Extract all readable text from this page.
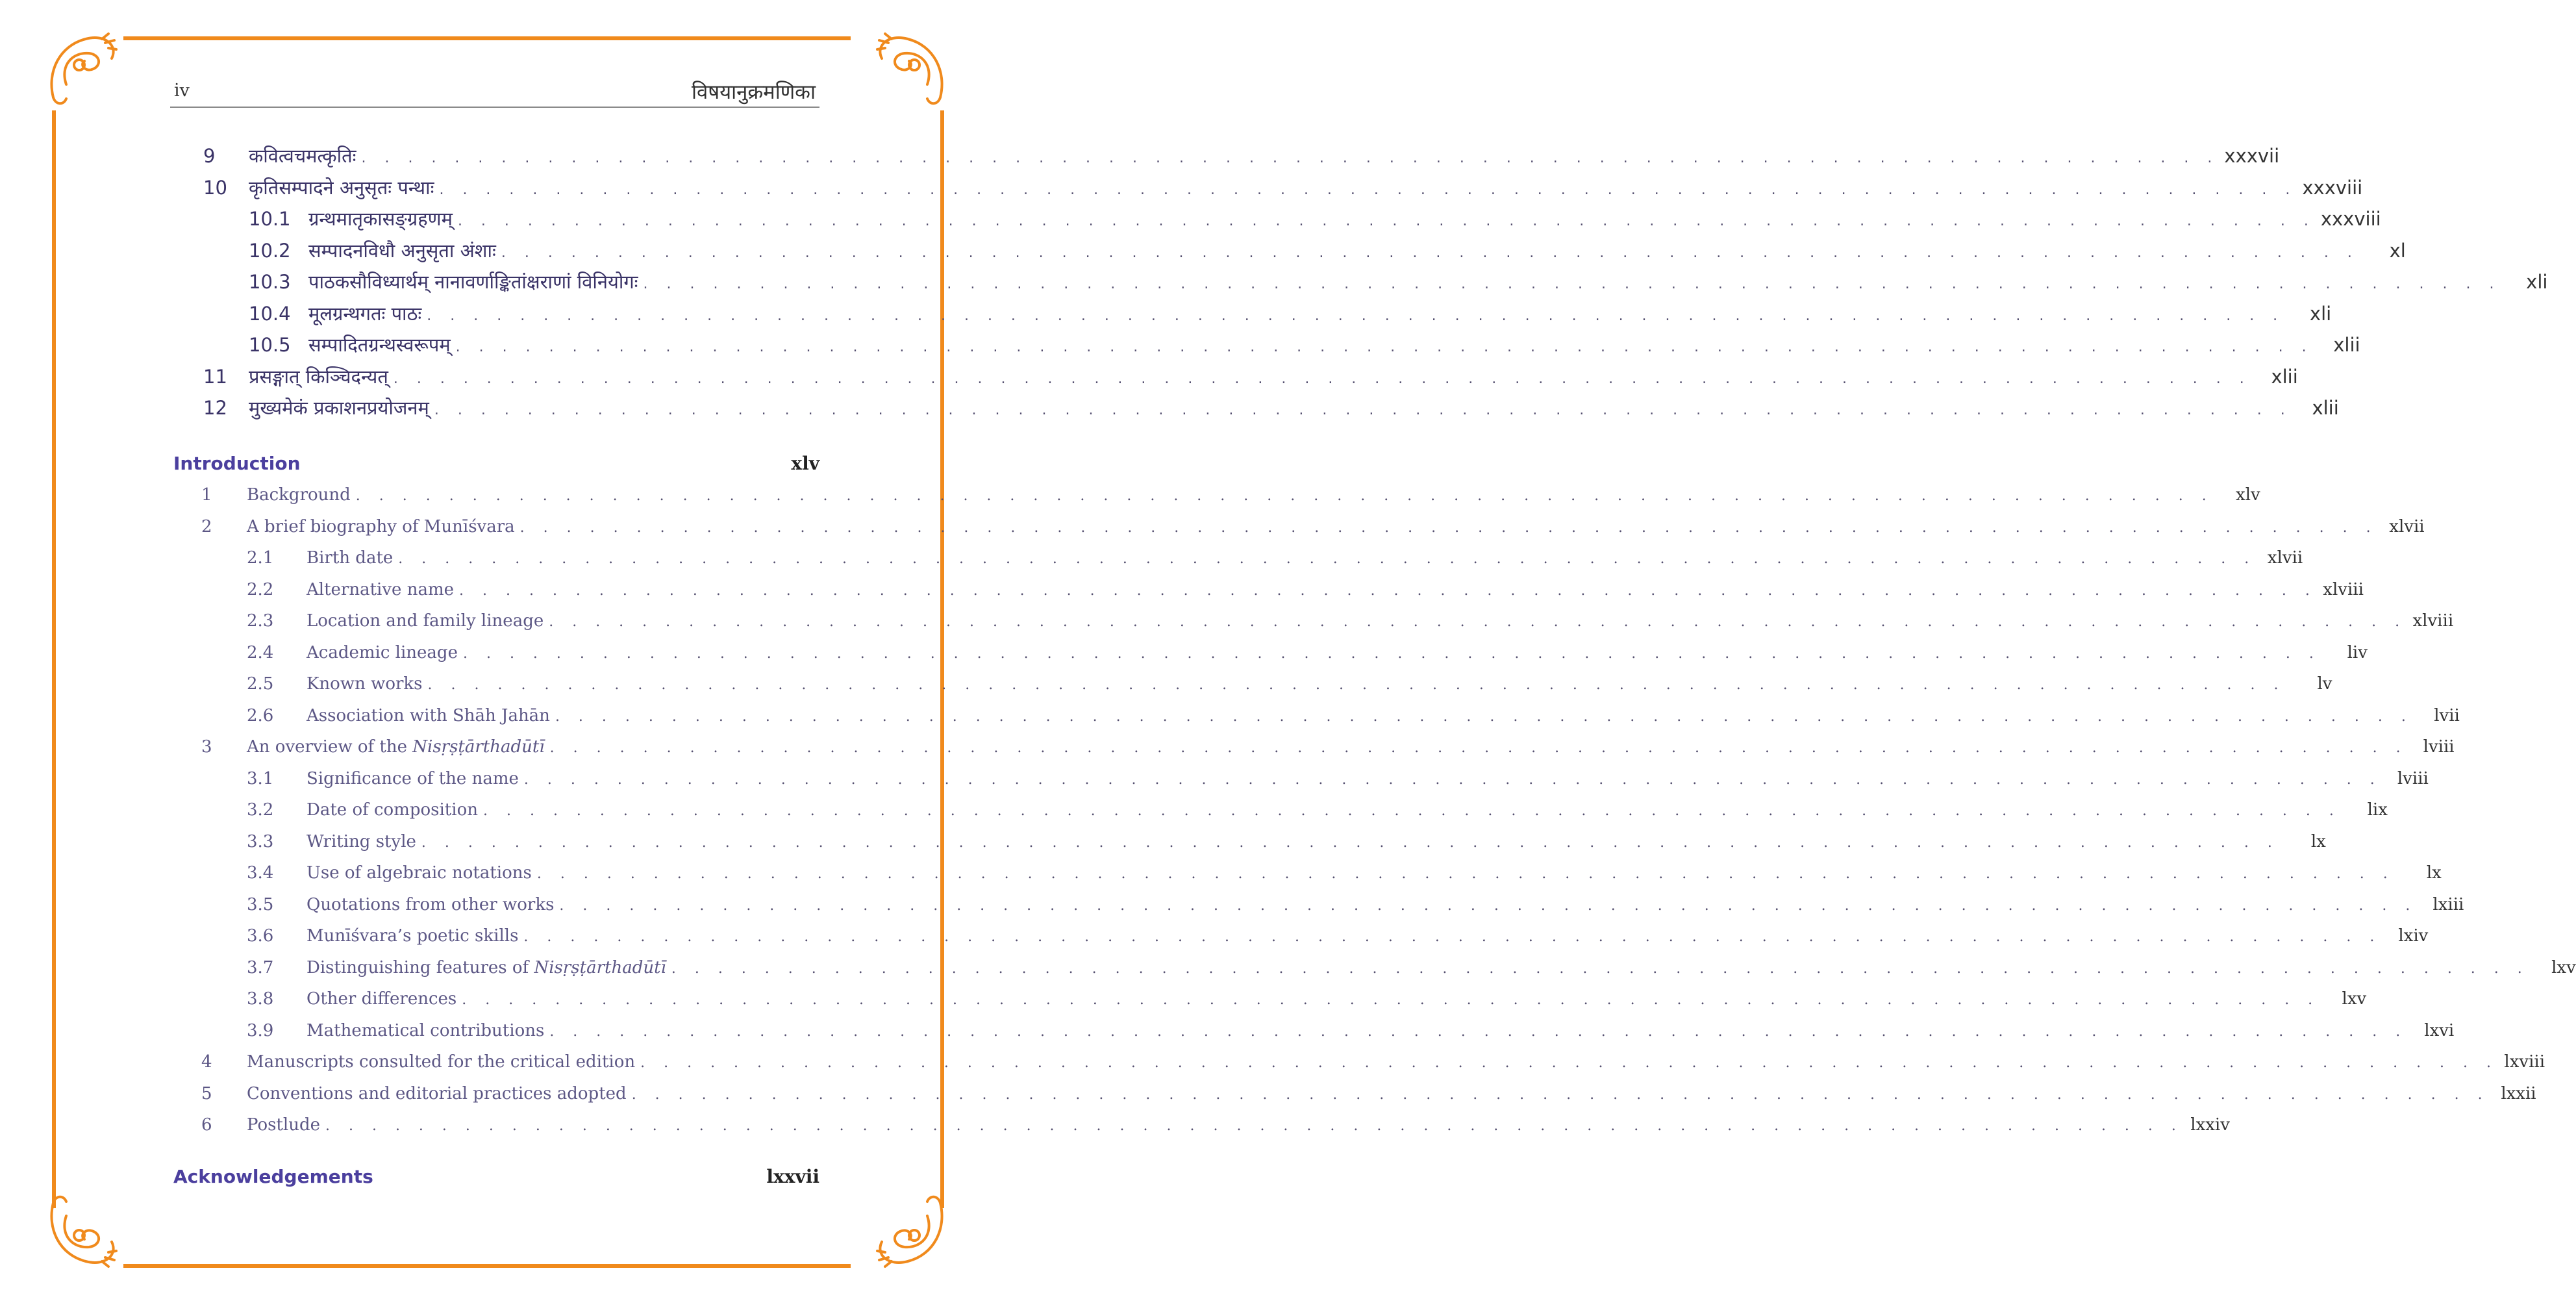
iv	विषयानुक्रमणिका
9	कवित्वचमत्कृतिः . . . . . . . . . . . . . . . . . . . . . . . . . . . . . . . . . . . . . . . . . . . . . . . . . . . . . . . . . . . . . . . . . . . . . . . . . . . . . . . . xxxvii
10	कृतिसम्पादने अनुसृतः पन्थाः . . . . . . . . . . . . . . . . . . . . . . . . . . . . . . . . . . . . . . . . . . . . . . . . . . . . . . . . . . . . . . . . . . . . . . . . . . . . . . . . xxxviii
10.1 ग्रन्थमातृकासङ्ग्रहणम् . . . . . . . . . . . . . . . . . . . . . . . . . . . . . . . . . . . . . . . . . . . . . . . . . . . . . . . . . . . . . . . . . . . . . . . . . . . . . . . . xxxviii
10.2 सम्पादनविधौ अनुसृता अंशाः . . . . . . . . . . . . . . . . . . . . . . . . . . . . . . . . . . . . . . . . . . . . . . . . . . . . . . . . . . . . . . . . . . . . . . . . . . . . . . . .	xl
10.3 पाठकसौविध्यार्थम् नानावर्णाङ्कितांक्षराणां विनियोगः . . . . . . . . . . . . . . . . . . . . . . . . . . . . . . . . . . . . . . . . . . . . . . . . . . . . . . . . . . . . . . . . . . . . . . . . . . . . . . . .	xli
10.4 मूलग्रन्थगतः पाठः . . . . . . . . . . . . . . . . . . . . . . . . . . . . . . . . . . . . . . . . . . . . . . . . . . . . . . . . . . . . . . . . . . . . . . . . . . . . . . . .	xli
10.5 सम्पादितग्रन्थस्वरूपम् . . . . . . . . . . . . . . . . . . . . . . . . . . . . . . . . . . . . . . . . . . . . . . . . . . . . . . . . . . . . . . . . . . . . . . . . . . . . . . . .	xlii
11	प्रसङ्गात् किञ्चिदन्यत् . . . . . . . . . . . . . . . . . . . . . . . . . . . . . . . . . . . . . . . . . . . . . . . . . . . . . . . . . . . . . . . . . . . . . . . . . . . . . . . .	xlii
12	मुख्यमेकं प्रकाशनप्रयोजनम् . . . . . . . . . . . . . . . . . . . . . . . . . . . . . . . . . . . . . . . . . . . . . . . . . . . . . . . . . . . . . . . . . . . . . . . . . . . . . . . .	xlii
Introduction	xlv
1	Background . . . . . . . . . . . . . . . . . . . . . . . . . . . . . . . . . . . . . . . . . . . . . . . . . . . . . . . . . . . . . . . . . . . . . . . . . . . . . . . .	xlv
2	A brief biography of Munīśvara . . . . . . . . . . . . . . . . . . . . . . . . . . . . . . . . . . . . . . . . . . . . . . . . . . . . . . . . . . . . . . . . . . . . . . . . . . . . . . . . xlvii
2.1	Birth date . . . . . . . . . . . . . . . . . . . . . . . . . . . . . . . . . . . . . . . . . . . . . . . . . . . . . . . . . . . . . . . . . . . . . . . . . . . . . . . . xlvii
2.2	Alternative name . . . . . . . . . . . . . . . . . . . . . . . . . . . . . . . . . . . . . . . . . . . . . . . . . . . . . . . . . . . . . . . . . . . . . . . . . . . . . . . . xlviii
2.3	Location and family lineage . . . . . . . . . . . . . . . . . . . . . . . . . . . . . . . . . . . . . . . . . . . . . . . . . . . . . . . . . . . . . . . . . . . . . . . . . . . . . . . . xlviii
2.4	Academic lineage . . . . . . . . . . . . . . . . . . . . . . . . . . . . . . . . . . . . . . . . . . . . . . . . . . . . . . . . . . . . . . . . . . . . . . . . . . . . . . . .	liv
2.5	Known works . . . . . . . . . . . . . . . . . . . . . . . . . . . . . . . . . . . . . . . . . . . . . . . . . . . . . . . . . . . . . . . . . . . . . . . . . . . . . . . .	lv
2.6	Association with Shāh Jahān . . . . . . . . . . . . . . . . . . . . . . . . . . . . . . . . . . . . . . . . . . . . . . . . . . . . . . . . . . . . . . . . . . . . . . . . . . . . . . . .	lvii
3	An overview of the Nisṛṣṭārthadūtī . . . . . . . . . . . . . . . . . . . . . . . . . . . . . . . . . . . . . . . . . . . . . . . . . . . . . . . . . . . . . . . . . . . . . . . . . . . . . . . . lviii
3.1	Significance of the name . . . . . . . . . . . . . . . . . . . . . . . . . . . . . . . . . . . . . . . . . . . . . . . . . . . . . . . . . . . . . . . . . . . . . . . . . . . . . . . . lviii
3.2	Date of composition . . . . . . . . . . . . . . . . . . . . . . . . . . . . . . . . . . . . . . . . . . . . . . . . . . . . . . . . . . . . . . . . . . . . . . . . . . . . . . . .	lix
3.3	Writing style . . . . . . . . . . . . . . . . . . . . . . . . . . . . . . . . . . . . . . . . . . . . . . . . . . . . . . . . . . . . . . . . . . . . . . . . . . . . . . . .	lx
3.4	Use of algebraic notations . . . . . . . . . . . . . . . . . . . . . . . . . . . . . . . . . . . . . . . . . . . . . . . . . . . . . . . . . . . . . . . . . . . . . . . . . . . . . . . .	lx
3.5	Quotations from other works . . . . . . . . . . . . . . . . . . . . . . . . . . . . . . . . . . . . . . . . . . . . . . . . . . . . . . . . . . . . . . . . . . . . . . . . . . . . . . . . lxiii
3.6	Munīśvara’s poetic skills . . . . . . . . . . . . . . . . . . . . . . . . . . . . . . . . . . . . . . . . . . . . . . . . . . . . . . . . . . . . . . . . . . . . . . . . . . . . . . . .	lxiv
3.7	Distinguishing features of Nisṛṣṭārthadūtī . . . . . . . . . . . . . . . . . . . . . . . . . . . . . . . . . . . . . . . . . . . . . . . . . . . . . . . . . . . . . . . . . . . . . . . . . . . . . . . .	lxv
3.8	Other differences . . . . . . . . . . . . . . . . . . . . . . . . . . . . . . . . . . . . . . . . . . . . . . . . . . . . . . . . . . . . . . . . . . . . . . . . . . . . . . . .	lxv
3.9	Mathematical contributions . . . . . . . . . . . . . . . . . . . . . . . . . . . . . . . . . . . . . . . . . . . . . . . . . . . . . . . . . . . . . . . . . . . . . . . . . . . . . . . .	lxvi
4	Manuscripts consulted for the critical edition . . . . . . . . . . . . . . . . . . . . . . . . . . . . . . . . . . . . . . . . . . . . . . . . . . . . . . . . . . . . . . . . . . . . . . . . . . . . . . . . lxviii
5	Conventions and editorial practices adopted . . . . . . . . . . . . . . . . . . . . . . . . . . . . . . . . . . . . . . . . . . . . . . . . . . . . . . . . . . . . . . . . . . . . . . . . . . . . . . . . lxxii
6	Postlude . . . . . . . . . . . . . . . . . . . . . . . . . . . . . . . . . . . . . . . . . . . . . . . . . . . . . . . . . . . . . . . . . . . . . . . . . . . . . . . . lxxiv
Acknowledgements	lxxvii
